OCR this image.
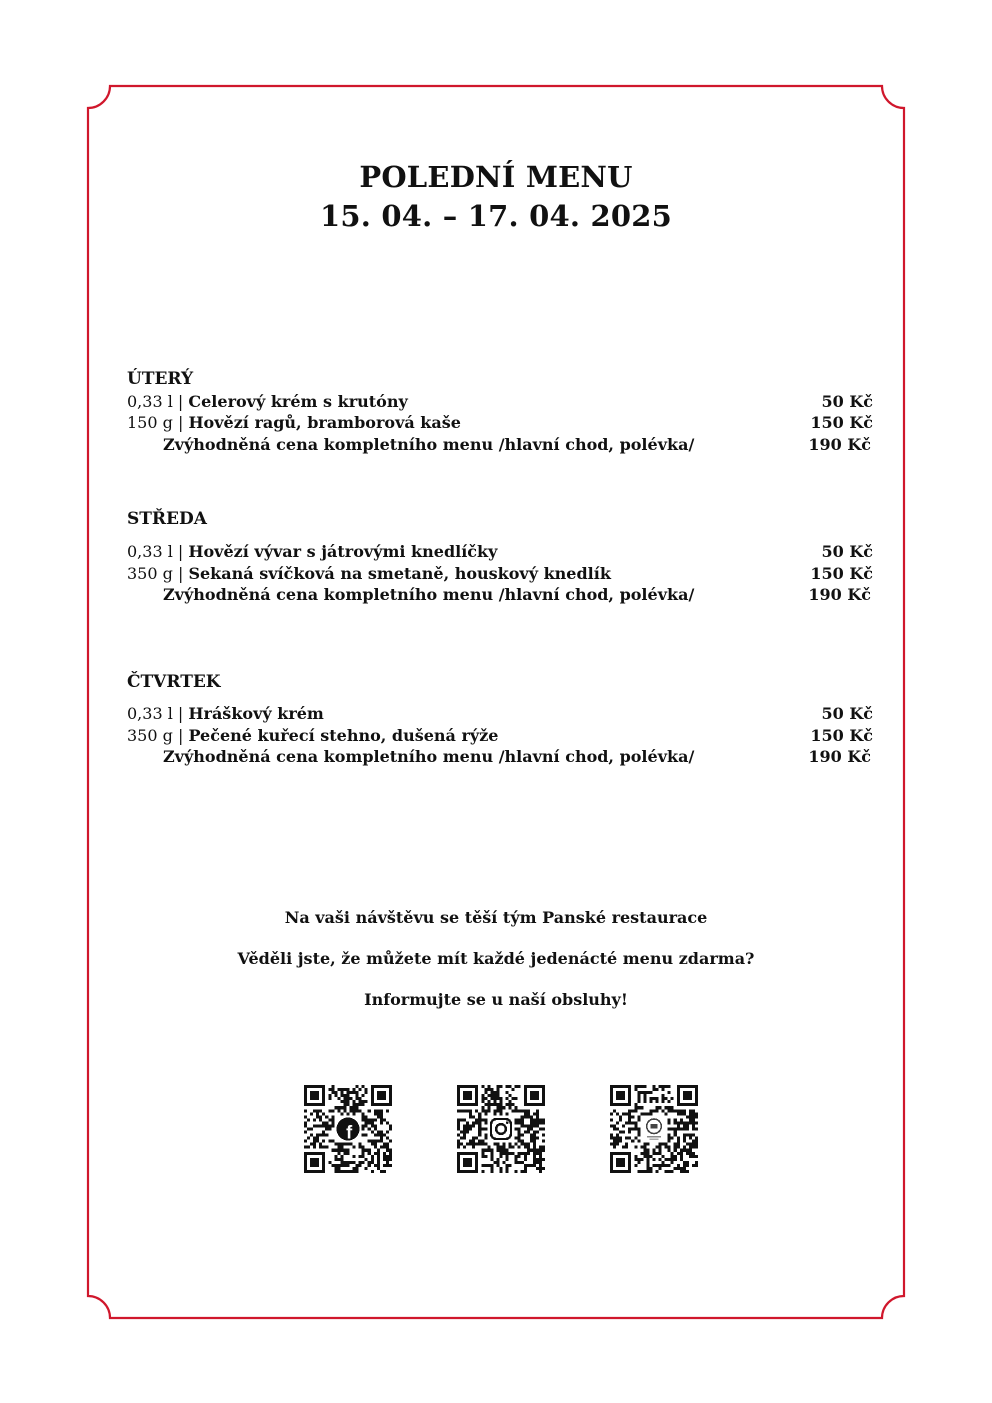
POLEDNÍ MENU
15. 04. – 17. 04. 2025
ÚTERÝ
0,33 l | Celerový krém s krutóny	50 Kč
150 g | Hovězí ragů, bramborová kaše	150 Kč
Zvýhodněná cena kompletního menu /hlavní chod, polévka/	190 Kč
STŘEDA
0,33 l | Hovězí vývar s játrovými knedlíčky	50 Kč
350 g | Sekaná svíčková na smetaně, houskový knedlík	150 Kč
Zvýhodněná cena kompletního menu /hlavní chod, polévka/	190 Kč
ČTVRTEK
0,33 l | Hráškový krém	50 Kč
350 g | Pečené kuřecí stehno, dušená rýže	150 Kč
Zvýhodněná cena kompletního menu /hlavní chod, polévka/	190 Kč
Na vaši návštěvu se těší tým Panské restaurace
Věděli jste, že můžete mít každé jedenácté menu zdarma?
Informujte se u naší obsluhy!
f
